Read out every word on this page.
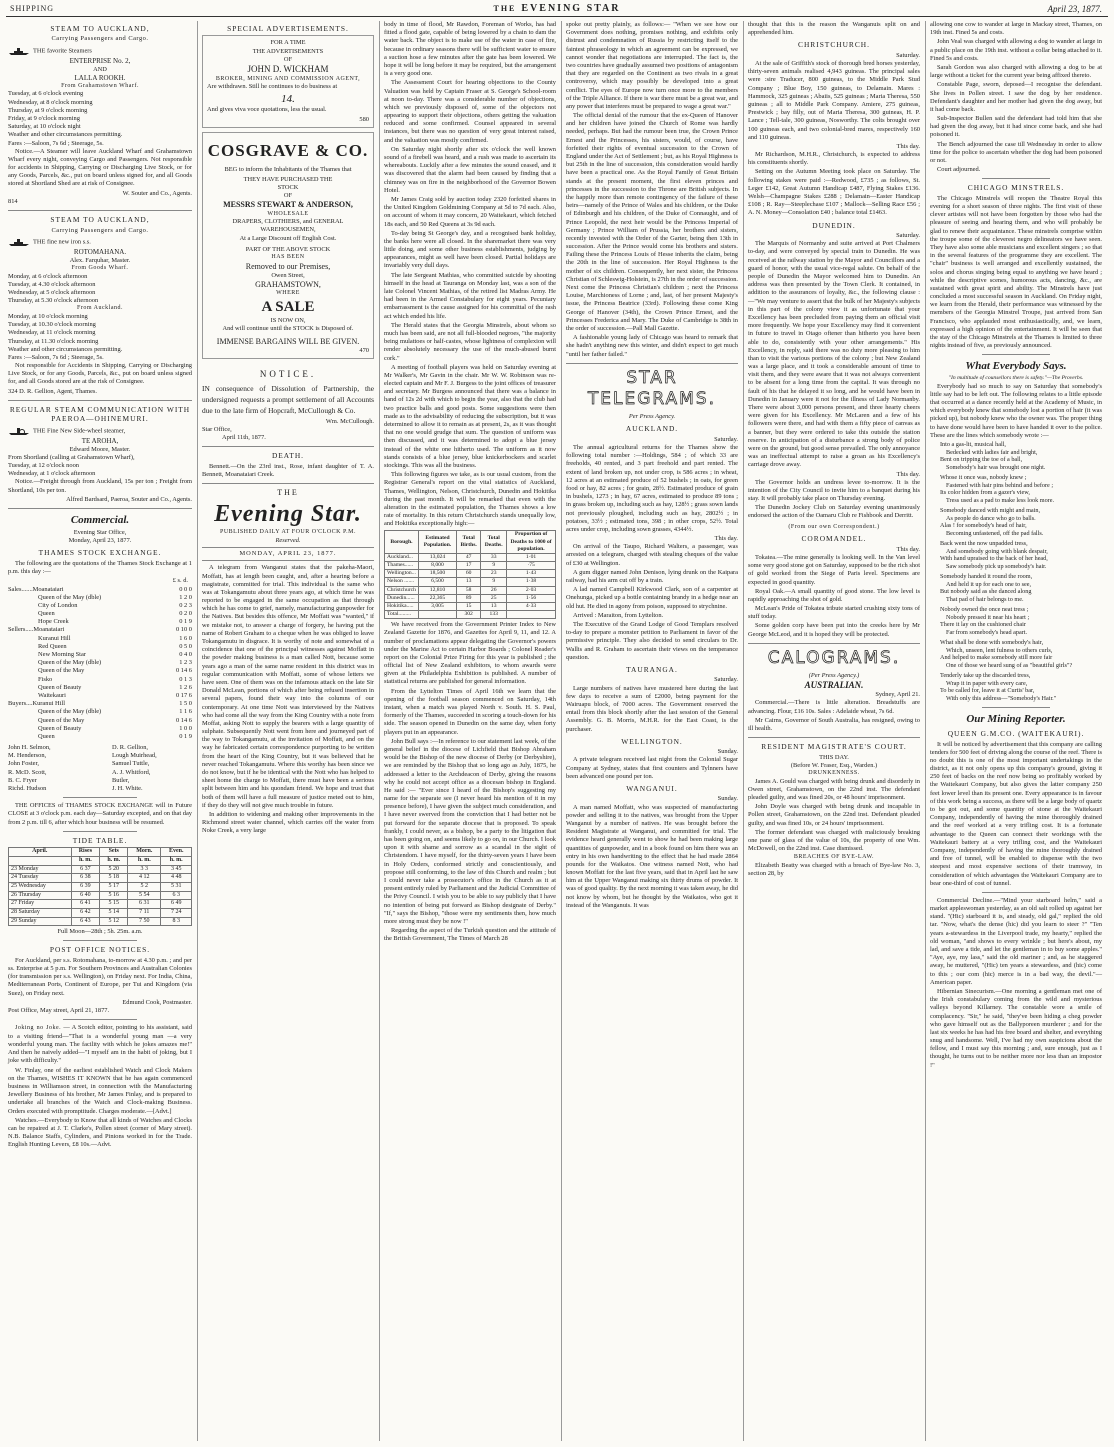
SHIPPING	THE EVENING STAR	April 23, 1877.
STEAM TO AUCKLAND,
Carrying Passengers and Cargo.
THE favorite Steamers
ENTERPRISE No. 2,
AND
LALLA ROOKH.
From Grahamstown Wharf.
Tuesday, at 6 o'clock evening
Wednesday, at 8 o'clock morning
Thursday, at 9 o'clock morning
Friday, at 9 o'clock morning
Saturday, at 10 o'clock night
Weather and other circumstances permitting.
Fares :—Saloon, 7s 6d ; Steerage, 5s.
Notice.—A Steamer will leave Auckland Wharf and Grahamstown Wharf every night, conveying Cargo and Passengers. Not responsible for accidents in Shipping, Carrying or Discharging Live Stock, or for any Goods, Parcels, &c., put on board unless signed for, and all Goods stored at Shortland Shed are at risk of Consignee.
W. Souter and Co., Agents.
814
STEAM TO AUCKLAND,
Carrying Passengers and Cargo.
THE fine new iron s.s.
ROTOMAHANA.
Alex. Farquhar, Master.
From Goods Wharf.
Monday, at 6 o'clock afternoon
Tuesday, at 4.30 o'clock afternoon
Wednesday, at 5 o'clock afternoon
Thursday, at 5.30 o'clock afternoon
From Auckland.
Monday, at 10 o'clock morning
Tuesday, at 10.30 o'clock morning
Wednesday, at 11 o'clock morning
Thursday, at 11.30 o'clock morning
Weather and other circumstances permitting.
Fares :—Saloon, 7s 6d ; Steerage, 5s.
Not responsible for Accidents in Shipping, Carrying or Discharging Live Stock, or for any Goods, Parcels, &c., put on board unless signed for, and all Goods stored are at the risk of Consignee.
324 D. R. Gellion, Agent, Thames.
REGULAR STEAM COMMUNICATION WITH PAEROA—OHINEMURI.
THE Fine New Side-wheel steamer,
TE AROHA,
Edward Moore, Master.
From Shortland (calling at Grahamstown Wharf),
Tuesday, at 12 o'clock noon
Wednesday, at 1 o'clock afternoon
Notice.—Freight through from Auckland, 15s per ton ; Freight from Shortland, 10s per ton.
Alfred Bardsard, Paeroa, Souter and Co., Agents.
Commercial.
Evening Star Office,
Monday, April 23, 1877.
THAMES STOCK EXCHANGE.
The following are the quotations of the Thames Stock Exchange at 1 p.m. this day :—
£ s. d.
Sales.......Moanataiari	0 0 0
Queen of the May (dble)	1 2 0
City of London	0 2 3
Queen	0 2 0
Hope Creek	0 1 9
Sellers.....Moanataiari	0 10 0
Kuranui Hill	1 6 0
Red Queen	0 5 0
New Morning Star	0 4 0
Queen of the May (dble)	1 2 3
Queen of the May	0 14 6
Fisko	0 1 3
Queen of Beauty	1 2 6
Waitekauri	0 17 6
Buyers....Kuranui Hill	1 5 0
Queen of the May (dble)	1 1 6
Queen of the May	0 14 6
Queen of Beauty	1 0 0
Queen	0 1 9
John H. Selmon,	D. R. Gellion,
M. Henderson,	Lough Muirhead,
John Foster,	Samuel Tuttle,
R. McD. Scott,	A. J. Whitford,
B. C. Fryer	Butler,
Richd. Hudson	J. H. White.
THE OFFICES of THAMES STOCK EXCHANGE will in Future CLOSE at 3 o'clock p.m. each day—Saturday excepted, and on that day from 2 p.m. till 6, after which hour business will be resumed.
TIDE TABLE.
April.	Rises	Sets	Morn.	Even.
	h. m.	h. m.	h. m.	h. m.
23 Monday	6 37	5 20	3 3	3 45
24 Tuesday	6 38	5 18	4 12	4 48
25 Wednesday	6 39	5 17	5 2	5 31
26 Thursday	6 40	5 16	5 54	6 3
27 Friday	6 41	5 15	6 31	6 49
28 Saturday	6 42	5 14	7 11	7 24
29 Sunday	6 43	5 12	7 50	8 3
Full Moon—28th ; 5h. 25m. a.m.
POST OFFICE NOTICES.
For Auckland, per s.s. Rotomahana, to-morrow at 4.30 p.m. ; and per ss. Enterprise at 5 p.m. For Southern Provinces and Australian Colonies (for transmission per s.s. Wellington), on Friday next. For India, China, Mediterranean Ports, Continent of Europe, per Tui and Kingdom (via Suez), on Friday next.
Edmund Cook, Postmaster.
Post Office, May street, April 21, 1877.
Joking no Joke. — A Scotch editor, pointing to his assistant, said to a visiting friend—"That is a wonderful young man —a very wonderful young man. The facility with which he jokes amazes me!" And then he naively added—"I myself am in the habit of joking, but I joke with difficulty."
W. Finlay, one of the earliest established Watch and Clock Makers on the Thames, WISHES IT KNOWN that he has again commenced business in Williamson street, in connection with the Manufacturing Jewellery Business of his brother, Mr James Finlay, and is prepared to undertake all branches of the Watch and Clock-making Business. Orders executed with promptitude. Charges moderate.—[Advt.]
Watches.—Everybody to Know that all kinds of Watches and Clocks can be repaired at J. T. Clarke's, Pollen street (corner of Mary street). N.B. Balance Staffs, Cylinders, and Pinions worked in for the Trade. English Hunting Levers, £8 10s.—Advt.
SPECIAL ADVERTISEMENTS.
FOR A TIME
THE ADVERTISEMENTS
OF
JOHN D. WICKHAM
BROKER, MINING AND COMMISSION AGENT,
Are withdrawn. Still he continues to do business at
14.
And gives viva voce quotations, less the usual.
580
COSGRAVE & CO.
BEG to inform the Inhabitants of the Thames that
THEY HAVE PURCHASED THE
STOCK
OF
MESSRS STEWART & ANDERSON,
WHOLESALE
DRAPERS, CLOTHIERS, and GENERAL WAREHOUSEMEN,
At a Large Discount off English Cost.
PART OF THE ABOVE STOCK
HAS BEEN
Removed to our Premises,
Owen Street,
GRAHAMSTOWN,
WHERE
A SALE
IS NOW ON,
And will continue until the STOCK is Disposed of.
IMMENSE BARGAINS WILL BE GIVEN.
470
NOTICE.
IN consequence of Dissolution of Partnership, the undersigned requests a prompt settlement of all Accounts due to the late firm of Hopcraft, McCullough & Co.
Wm. McCullough.
Star Office,
April 11th, 1877.
DEATH.
Bennett.—On the 23rd inst., Rose, infant daughter of T. A. Bennett, Moanataiari Creek.
THE
Evening Star.
PUBLISHED DAILY AT FOUR O'CLOCK P.M.
Reserved.
MONDAY, APRIL 23, 1877.
A telegram from Wanganui states that the pakeha-Maori, Moffatt, has at length been caught, and, after a hearing before a magistrate, committed for trial. This individual is the same who was at Tokangamutu about three years ago, at which time he was reported to be engaged in the same occupation as that through which he has come to grief, namely, manufacturing gunpowder for the Natives. But besides this offence, Mr Moffatt was "wanted," if we mistake not, to answer a charge of forgery, he having put the name of Robert Graham to a cheque when he was obliged to leave Tokangamutu in disgrace. It is worthy of note and somewhat of a coincidence that one of the principal witnesses against Moffatt in the powder making business is a man called Nott, because some years ago a man of the same name resident in this district was in regular communication with Moffatt, some of whose letters we have seen. One of them was on the infamous attack on the late Sir Donald McLean, portions of which after being refused insertion in several papers, found their way into the columns of our contemporary. At one time Nott was interviewed by the Natives who had come all the way from the King Country with a note from Moffat, asking Nott to supply the bearers with a large quantity of sulphate. Subsequently Nott went from here and journeyed part of the way to Tokangamutu, at the invitation of Moffatt, and on the way he fabricated certain correspondence purporting to be written from the heart of the King Country, but it was believed that he never reached Tokangamutu. Where this worthy has been since we do not know, but if he be identical with the Nott who has helped to sheet home the charge to Moffatt, there must have been a serious split between him and his quondam friend. We hope and trust that both of them will have a full measure of justice meted out to him, if they do they will not give much trouble in future.
In addition to widening and making other improvements in the Richmond street water channel, which carries off the water from Noke Creek, a very large
body in time of flood, Mr Rawdon, Foreman of Works, has had fitted a flood gate, capable of being lowered by a chain to dam the water back. The object is to make use of the water in case of fire, because in ordinary seasons there will be sufficient water to ensure a suction hose a few minutes after the gate has been lowered. We hope it will be long before it may be required, but the arrangement is a very good one.
The Assessment Court for hearing objections to the County Valuation was held by Captain Fraser at S. George's School-room at noon to-day. There was a considerable number of objections, which we previously disposed of, some of the objectors not appearing to support their objections, others getting the valuation reduced and some confirmed. Counsel appeared in several instances, but there was no question of very great interest raised, and the valuation was mostly confirmed.
On Saturday night shortly after six o'clock the well known sound of a firebell was heard, and a rush was made to ascertain its whereabouts. Luckily after a few minutes the sound ceased, and it was discovered that the alarm had been caused by finding that a chimney was on fire in the neighborhood of the Governor Bowen Hotel.
Mr James Craig sold by auction today 2320 forfeited shares in the United Kingdom Goldmining Company at 5d to 7d each. Also, on account of whom it may concern, 20 Waitekauri, which fetched 18s each, and 50 Red Queens at 3s 9d each.
To-day being St George's day, and a recognised bank holiday, the banks here were all closed. In the sharemarket there was very little doing, and some other business establishments, judging by appearances, might as well have been closed. Partial holidays are invariably very dull days.
The late Sergeant Mathias, who committed suicide by shooting himself in the head at Tauranga on Monday last, was a son of the late Colonel Vincent Mathias, of the retired list Madras Army. He had been in the Armed Constabulary for eight years. Pecuniary embarrassment is the cause assigned for his committal of the rash act which ended his life.
The Herald states that the Georgia Minstrels, about whom so much has been said, are not all full-blooded negroes, "the majority being mulattoes or half-castes, whose lightness of complexion will render absolutely necessary the use of the much-abused burnt cork."
A meeting of football players was held on Saturday evening at Mr Walker's, Mr Gavin in the chair. Mr W. W. Robinson was re-elected captain and Mr F. J. Burgess to the joint offices of treasurer and secretary. Mr Burgess announced that there was a balance in hand of 12s 2d with which to begin the year, also that the club had two practice balls and good posts. Some suggestions were then made as to the advisability of reducing the subscription, but it was determined to allow it to remain as at present, 2s, as it was thought that no one would grudge that sum. The question of uniform was then discussed, and it was determined to adopt a blue jersey instead of the white one hitherto used. The uniform as it now stands consists of a blue jersey, blue knickerbockers and scarlet stockings. This was all the business.
This following figures we take, as is our usual custom, from the Registrar General's report on the vital statistics of Auckland, Thames, Wellington, Nelson, Christchurch, Dunedin and Hokitika during the past month. It will be remarked that even with the alteration in the estimated population, the Thames shows a low rate of mortality. In this return Christchurch stands unequally low, and Hokitika exceptionally high:—
Borough.	Estimated Population.	Total Births.	Total Deaths.	Proportion of Deaths to 1000 of population.
Auckland...	13,024	47	33	1·01
Thames......	8,000	17	9	·75
Wellington...	18,500	60	23	1·43
Nelson .......	6,500	13	9	1·38
Christchurch	12,810	58	26	2·03
Dunedin......	22,365	89	25	1·56
Hokitika.....	3,005	15	13	4·33
Total.........		302	133	
We have received from the Government Printer Index to New Zealand Gazette for 1876, and Gazettes for April 9, 11, and 12. A number of proclamations appear delegating the Governor's powers under the Marine Act to certain Harbor Boards ; Colonel Reader's report on the Colonial Prize Firing for this year is published ; the official list of New Zealand exhibitors, to whom awards were given at the Philadelphia Exhibition is published. A number of statistical returns are published for general information.
From the Lyttelton Times of April 16th we learn that the opening of the football season commenced on Saturday, 14th instant, when a match was played North v. South. H. S. Paul, formerly of the Thames, succeeded in scoring a touch-down for his side. The season opened in Dunedin on the same day, when forty players put in an appearance.
John Bull says :—In reference to our statement last week, of the general belief in the diocese of Lichfield that Bishop Abraham would be the Bishop of the new diocese of Derby (or Derbyshire), we are reminded by the Bishop that so long ago as July, 1875, he addressed a letter to the Archdeacon of Derby, giving the reasons why he could not accept office as a diocesan bishop in England. He said :— "Ever since I heard of the Bishop's suggesting my name for the separate see (I never heard his mention of it in my presence before), I have given the subject much consideration, and I have never swerved from the conviction that I had better not be put forward for the separate diocese that is proposed. To speak frankly, I could never, as a bishop, be a party to the litigation that has been going on, and seems likely to go on, in our Church. I look upon it with shame and sorrow as a scandal in the sight of Christendom. I have myself, for the thirty-seven years I have been in Holy Orders, conformed strictly and conscientiously, and propose still conforming, to the law of this Church and realm ; but I could never take a prosecutor's office in the Church as it at present entirely ruled by Parliament and the Judicial Committee of the Privy Council. I wish you to be able to say publicly that I have no intention of being put forward as Bishop designate of Derby." "If," says the Bishop, "those were my sentiments then, how much more strong must they be now !"
Regarding the aspect of the Turkish question and the attitude of the British Government, The Times of March 28
spoke out pretty plainly, as follows:— "When we see how our Government does nothing, promises nothing, and exhibits only distrust and condemnation of Russia by restricting itself to the faintest phraseology in which an agreement can be expressed, we cannot wonder that negotiations are interrupted. The fact is, the two countries have gradually assumed two positions of antagonism that they are regarded on the Continent as two rivals in a great controversy, which may possibly be developed into a great conflict. The eyes of Europe now turn once more to the members of the Triple Alliance. If there is war there must be a great war, and any power that interferes must be prepared to wage a great war."
The official denial of the rumour that the ex-Queen of Hanover and her children have joined the Church of Rome was hardly needed, perhaps. But had the rumour been true, the Crown Prince Ernest and the Princesses, his sisters, would, of course, have forfeited their rights of eventual succession to the Crown of England under the Act of Settlement ; but, as his Royal Highness is but 25th in the line of succession, this consideration would hardly have been a practical one. As the Royal Family of Great Britain stands at the present moment, the first eleven princes and princesses in the succession to the Throne are British subjects. In the happily more than remote contingency of the failure of these heirs—namely of the Prince of Wales and his children, or the Duke of Edinburgh and his children, of the Duke of Connaught, and of Prince Leopold, the next heir would be the Princess Imperial of Germany ; Prince William of Prussia, her brothers and sisters, recently invested with the Order of the Garter, being then 13th in succession. After the Prince would come his brothers and sisters. Failing these the Princess Louis of Hesse inherits the claim, being the 20th in the line of succession. Her Royal Highness is the mother of six children. Consequently, her next sister, the Princess Christian of Schleswig-Holstein, is 27th in the order of succession. Next come the Princess Christian's children ; next the Princess Louise, Marchioness of Lorne ; and, last, of her present Majesty's issue, the Princess Beatrice (33rd). Following these come King George of Hanover (34th), the Crown Prince Ernest, and the Princesses Frederica and Mary. The Duke of Cambridge is 38th in the order of succession.—Pall Mall Gazette.
A fashionable young lady of Chicago was heard to remark that she hadn't anything new this winter, and didn't expect to get much "until her father failed."
STAR TELEGRAMS.
Per Press Agency.
AUCKLAND.
Saturday.
The annual agricultural returns for the Thames show the following total number :—Holdings, 584 ; of which 33 are freeholds, 40 rented, and 3 part freehold and part rented. The extent of land broken up, not under crop, is 586 acres ; in wheat, 12 acres at an estimated produce of 52 bushels ; in oats, for green food or hay, 82 acres ; for grain, 28½. Estimated produce of grain in bushels, 1273 ; in hay, 67 acres, estimated to produce 89 tons ; in grass broken up, including such as hay, 128½ ; grass sown lands not previously ploughed, including such as hay, 2802½ ; in potatoes, 33½ ; estimated tons, 398 ; in other crops, 52½. Total acres under crop, including sown grasses, 4344½.
This day.
On arrival of the Taupo, Richard Walters, a passenger, was arrested on a telegram, charged with stealing cheques of the value of £30 at Wellington.
A gum digger named John Denison, lying drunk on the Kaipara railway, had his arm cut off by a train.
A lad named Campbell Kirkwood Clark, son of a carpenter at Onehunga, picked up a bottle containing brandy in a hedge near an old hut. He died in agony from poison, supposed to strychnine.
Arrived : Maraiton, from Lyttelton.
The Executive of the Grand Lodge of Good Templars resolved to-day to prepare a monster petition to Parliament in favor of the permissive principle. They also decided to send circulars to Dr. Wallis and R. Graham to ascertain their views on the temperance question.
TAURANGA.
Saturday.
Large numbers of natives have mustered here during the last few days to receive a sum of £2000, being payment for the Wairuapu block, of 7000 acres. The Government reserved the entail from this block shortly after the last session of the General Assembly. G. B. Morris, M.H.R. for the East Coast, is the purchaser.
WELLINGTON.
Sunday.
A private telegram received last night from the Colonial Sugar Company at Sydney, states that first counters and Tylnners have been advanced one pound per ton.
WANGANUI.
Sunday.
A man named Moffatt, who was suspected of manufacturing powder and selling it to the natives, was brought from the Upper Wanganui by a number of natives. He was brought before the Resident Magistrate at Wanganui, and committed for trial. The evidence heard generally went to show he had been making large quantities of gunpowder, and in a book found on him there was an entry in his own handwriting to the effect that he had made 2864 pounds for the Waikatos. One witness named Nott, who had known Moffatt for the last five years, said that in April last he saw him at the Upper Wanganui making six thirty drums of powder. It was of good quality. By the next morning it was taken away, he did not know by whom, but he thought by the Waikatos, who got it instead of the Wanganuis. It was
thought that this is the reason the Wanganuis split on and apprehended him.
CHRISTCHURCH.
Saturday.
At the sale of Griffith's stock of thorough bred horses yesterday, thirty-seven animals realised 4,943 guineas. The principal sales were :sire Traducer, 800 guineas, to the Middle Park Stud Company ; Blue Boy, 150 guineas, to Delamain. Mares : Hammock, 325 guineas ; Abaiis, 525 guineas ; Maria Theresa, 550 guineas ; all to Middle Park Company. Amiere, 275 guineas, Prestwick ; bay filly, out of Maria Theresa, 300 guineas, H. P. Lance ; Tell-tale, 300 guineas, Nosworthy. The colts brought over 100 guineas each, and two colonial-bred mares, respectively 160 and 110 guineas.
This day.
Mr Richardson, M.H.R., Christchurch, is expected to address his constituents shortly.
Setting on the Autumn Meeting took place on Saturday. The following stakes were paid :—Redwood, £735 ; as follows, St. Leger £142, Great Autumn Handicap £487, Flying Stakes £136. Welsh—Champagne Stakes £288 ; Delamain—Easter Handicap £108 ; R. Ray—Steeplechase £107 ; Mallock—Selling Race £56 ; A. N. Money—Consolation £40 ; balance total £1463.
DUNEDIN.
Saturday.
The Marquis of Normanby and suite arrived at Port Chalmers to-day, and were conveyed by special train to Dunedin. He was received at the railway station by the Mayor and Councillors and a guard of honor, with the usual vice-regal salute. On behalf of the people of Dunedin the Mayor welcomed him to Dunedin. An address was then presented by the Town Clerk. It contained, in addition to the assurances of loyalty, &c., the following clause :—"We may venture to assert that the bulk of her Majesty's subjects in this part of the colony view it as unfortunate that your Excellency has been precluded from paying them an official visit more frequently. We hope your Excellency may find it convenient in future to travel in Otago oftener than hitherto you have been able to do, consistently with your other arrangements." His Excellency, in reply, said there was no duty more pleasing to him than to visit the various portions of the colony ; but New Zealand was a large place, and it took a considerable amount of time to visit them, and they were aware that it was not always convenient to be absent for a long time from the capital. It was through no fault of his that he delayed it so long, and he would have been in Dunedin in January were it not for the illness of Lady Normanby. There were about 3,000 persons present, and three hearty cheers were given for his Excellency. Mr McLaren and a few of his followers were there, and had with them a fifty piece of canvas as a banner, but they were ordered to take this outside the station reserve. In anticipation of a disturbance a strong body of police were on the ground, but good sense prevailed. The only annoyance was an ineffectual attempt to raise a groan as his Excellency's carriage drove away.
This day.
The Governor holds an undress levee to-morrow. It is the intention of the City Council to invite him to a banquet during his stay. It will probably take place on Thursday evening.
The Dunedin Jockey Club on Saturday evening unanimously endorsed the action of the Oamaru Club re Fishbook and Derritt.
(From our own Correspondent.)
COROMANDEL.
This day.
Tokatea.—The mine generally is looking well. In the Van level some very good stone got on Saturday, supposed to be the rich shot of gold worked from the Siege of Paris level. Specimens are expected in good quantity.
Royal Oak.—A small quantity of good stone. The low level is rapidly approaching the shot of gold.
McLean's Pride of Tokatea tribute started crushing sixty tons of stuff today.
Some golden corp have been put into the creeks here by Mr George McLeod, and it is hoped they will be protected.
CALOGRAMS.
(Per Press Agency.)
AUSTRALIAN.
Sydney, April 21.
Commercial.—There is little alteration. Breadstuffs are advancing. Flour, £16 10s. Sales : Adelaide wheat, 7s 6d.
Mr Cairns, Governor of South Australia, has resigned, owing to ill health.
RESIDENT MAGISTRATE'S COURT.
THIS DAY.
(Before W. Fraser, Esq., Warden.)
DRUNKENNESS.
James A. Gould was charged with being drunk and disorderly in Owen street, Grahamstown, on the 22nd inst. The defendant pleaded guilty, and was fined 20s, or 48 hours' imprisonment.
John Doyle was charged with being drunk and incapable in Pollen street, Grahamstown, on the 22nd inst. Defendant pleaded guilty, and was fined 10s, or 24 hours' imprisonment.
The former defendant was charged with maliciously breaking one pane of glass of the value of 10s, the property of one Wm. McDowell, on the 22nd inst. Case dismissed.
BREACHES OF BYE-LAW.
Elizabeth Beatty was charged with a breach of Bye-law No. 3, section 28, by
allowing one cow to wander at large in Mackay street, Thames, on 19th inst. Fined 5s and costs.
John Veal was charged with allowing a dog to wander at large in a public place on the 19th inst. without a collar being attached to it. Fined 5s and costs.
Sarah Gordon was also charged with allowing a dog to be at large without a ticket for the current year being affixed thereto.
Constable Page, sworn, deposed—I recognise the defendant. She lives in Pollen street. I saw the dog by her residence. Defendant's daughter and her mother had given the dog away, but it had come back.
Sub-Inspector Bullen said the defendant had told him that she had given the dog away, but it had since come back, and she had poisoned it.
The Bench adjourned the case till Wednesday in order to allow time for the police to ascertain whether the dog had been poisoned or not.
Court adjourned.
CHICAGO MINSTRELS.
The Chicago Minstrels will reopen the Theatre Royal this evening for a short season of three nights. The first visit of these clever artistes will not have been forgotten by those who had the pleasure of seeing and hearing them, and who will probably be glad to renew their acquaintance. These minstrels comprise within the troupe some of the cleverest negro delineators we have seen. They have also some able musicians and excellent singers ; so that in the several features of the programme they are excellent. The "chair" business is well arranged and excellently sustained, the solos and chorus singing being equal to anything we have heard ; while the descriptive scenes, humorous acts, dancing, &c., are sustained with great spirit and ability. The Minstrels have just concluded a most successful season in Auckland. On Friday night, we learn from the Herald, their performance was witnessed by the members of the Georgia Minstrel Troupe, just arrived from San Francisco, who applauded most enthusiastically, and, we learn, expressed a high opinion of the entertainment. It will be seen that the stay of the Chicago Minstrels at the Thames is limited to three nights instead of five, as previously announced.
What Everybody Says.
"In multitude of counsellors there is safety."—The Proverbs.
Everybody had so much to say on Saturday that somebody's little say had to be left out. The following relates to a little episode that occurred at a dance recently held at the Academy of Music, in which everybody knew that somebody lost a portion of hair (it was picked up), but nobody knew who the owner was. The proper thing to have done would have been to have handed it over to the police. These are the lines which somebody wrote :—
Into a gas-lit, musical hall,
Bedecked with ladies fair and bright,
Bent on tripping the toe of a ball,
Somebody's hair was brought one night.
Whose it once was, nobody knew ;
Fastened with hair pins behind and before ;
Its color hidden from a gazer's view,
Tress used as a pad to make less look more.
Somebody danced with might and main,
As people do dance who go to balls.
Alas ! for somebody's head of hair,
Becoming unfastened, off the pad falls.
Back went the now unpadded tress,
And somebody going with blank despair,
With hand upraised to the back of her head,
Saw somebody pick up somebody's hair.
Somebody handed it round the room,
And held it up for each one to see,
But nobody said as she danced along
That pad of hair belongs to me.
Nobody owned the once neat tress ;
Nobody pressed it near his heart ;
There it lay on the cushioned chair
Far from somebody's head apart.
What shall be done with somebody's hair,
Which, unseen, lent fulness to others curls,
And helped to make somebody still more fair
One of those we heard sung of as "beautiful girls"?
Tenderly take up the discarded tress,
Wrap it in paper with every care,
To be called for, leave it at Curtis' bar,
With only this address—"Somebody's Hair."
Our Mining Reporter.
QUEEN G.M.CO. (WAITEKAURI).
It will be noticed by advertisement that this company are calling tenders for 500 feet of driving along the course of the reef. There is no doubt this is one of the most important undertakings in the district, as it not only opens up this company's ground, giving it 250 feet of backs on the reef now being so profitably worked by the Waitekauri Company, but also gives the latter company 250 feet lower level than its present one. Every appearance is in favour of this work being a success, as there will be a large body of quartz to be got out, and some quantity of stone at the Waitekauri Company, independently of having the mine thoroughly drained and the reef worked at a very trifling cost. It is a fortunate advantage to the Queen can connect their workings with the Waitekauri battery at a very trifling cost, and the Waitekauri Company, independently of having the mine thoroughly drained and free of tunnel, will be enabled to dispense with the two steepest and most expensive sections of their tramway, in consideration of which advantages the Waitekauri Company are to bear one-third of cost of tunnel.
Commercial Decline.—"Mind your starboard helm," said a market appleswoman yesterday, as an old salt rolled up against her stand. "(Hic) starboard it is, and steady, old gal," replied the old tar. "Now, what's the dense (hic) did you learn to steer ?" "Ten years a-stewardess in the Liverpool trade, my hearty," replied the old woman, "and shows to every wrinkle ; but here's about, my lad, and save a tide, and let the gentleman in to buy some apples." "Aye, aye, my lass," said the old mariner ; and, as he staggered away, he muttered, "(Hic) ten years a stewardess, and (hic) come to this ; our com (hic) merce is in a bad way, the devil."—American paper.
Hibernian Sinecurism.—One morning a gentleman met one of the Irish constabulary coming from the wild and mysterious valleys beyond Killarney. The constable wore a smile of complacency. "Sir," he said, "they've been hiding a cheg powder who gave himself out as the Ballyporeen murderer ; and for the last six weeks he has had his free board and shelter, and everything snug and handsome. Well, I've had my own suspicions about the fellow, and I must say this morning ; and, sure enough, just as I thought, he turns out to be neither more nor less than an impostor !"
